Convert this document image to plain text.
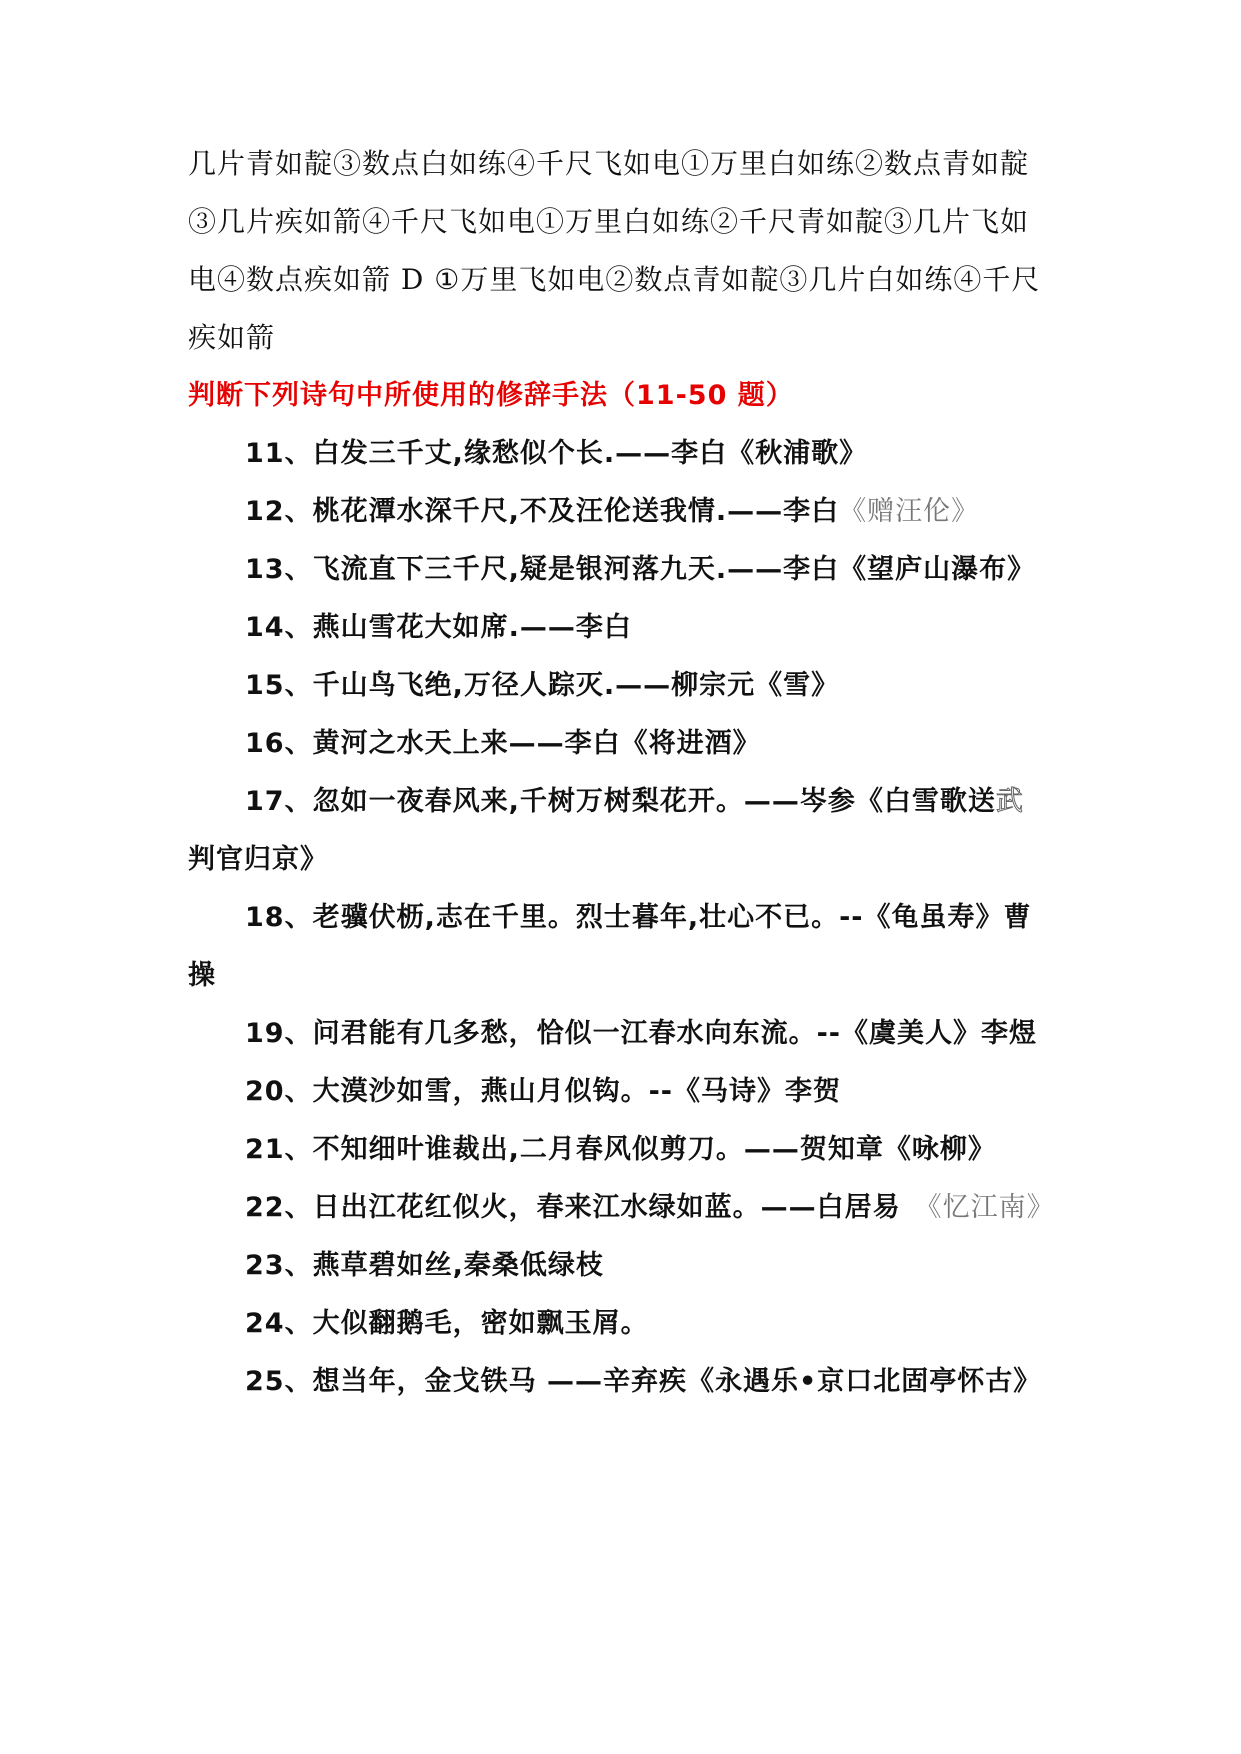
几片青如靛③数点白如练④千尺飞如电①万里白如练②数点青如靛
③几片疾如箭④千尺飞如电①万里白如练②千尺青如靛③几片飞如
电④数点疾如箭 D ①万里飞如电②数点青如靛③几片白如练④千尺
疾如箭
判断下列诗句中所使用的修辞手法（11-50 题）
11、白发三千丈,缘愁似个长.——李白《秋浦歌》
12、桃花潭水深千尺,不及汪伦送我情.——李白《赠汪伦》
13、飞流直下三千尺,疑是银河落九天.——李白《望庐山瀑布》
14、燕山雪花大如席.——李白
15、千山鸟飞绝,万径人踪灭.——柳宗元《雪》
16、黄河之水天上来——李白《将进酒》
17、忽如一夜春风来,千树万树梨花开。——岑参《白雪歌送武
判官归京》
18、老骥伏枥,志在千里。烈士暮年,壮心不已。--《龟虽寿》曹
操
19、问君能有几多愁，恰似一江春水向东流。--《虞美人》李煜
20、大漠沙如雪，燕山月似钩。--《马诗》李贺
21、不知细叶谁裁出,二月春风似剪刀。——贺知章《咏柳》
22、日出江花红似火，春来江水绿如蓝。——白居易 《忆江南》
23、燕草碧如丝,秦桑低绿枝
24、大似翻鹅毛，密如飘玉屑。
25、想当年，金戈铁马 ——辛弃疾《永遇乐•京口北固亭怀古》
